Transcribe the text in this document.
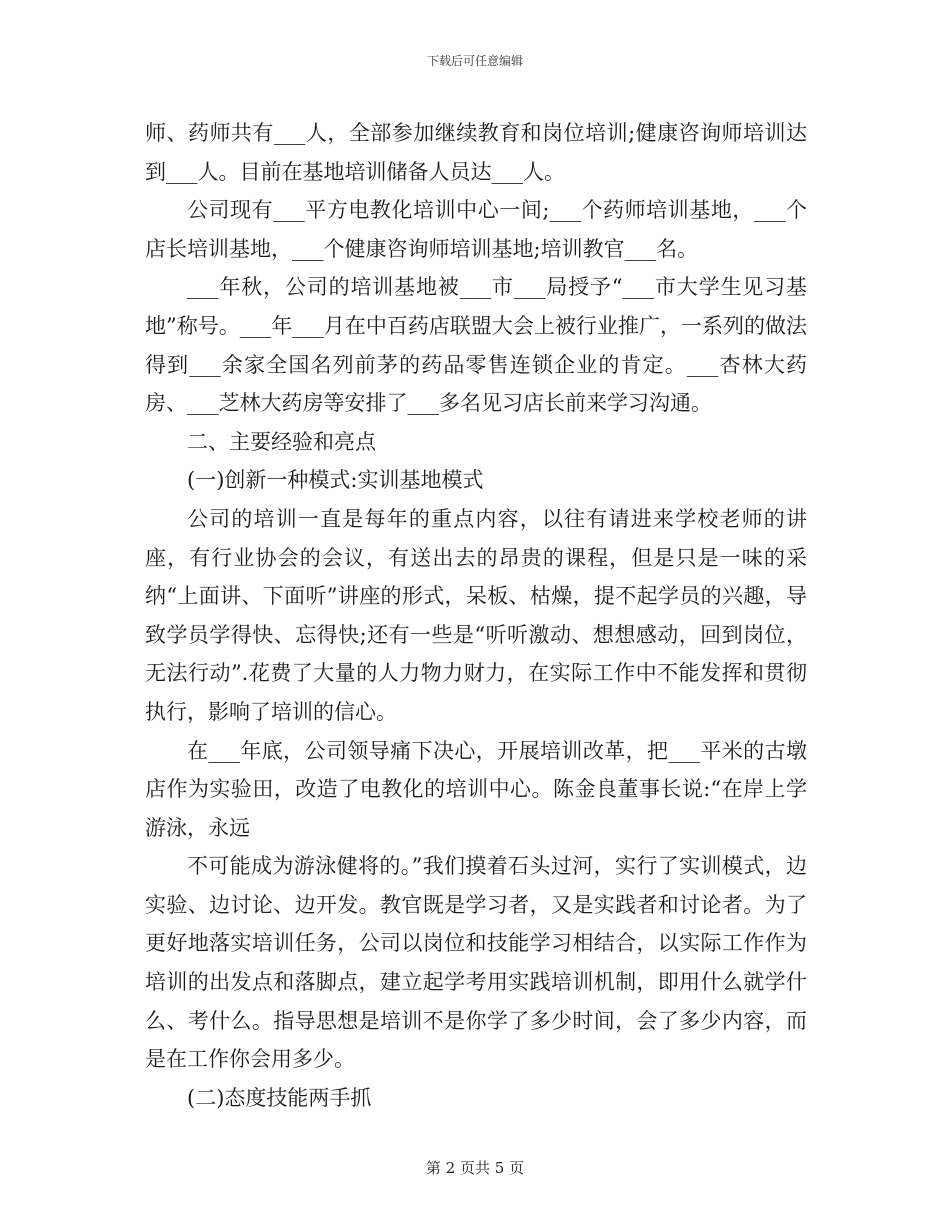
下载后可任意编辑

师、药师共有___人，全部参加继续教育和岗位培训;健康咨询师培训达到___人。目前在基地培训储备人员达___人。

公司现有___平方电教化培训中心一间;___个药师培训基地，___个店长培训基地，___个健康咨询师培训基地;培训教官___名。

___年秋，公司的培训基地被___市___局授予“___市大学生见习基地”称号。___年___月在中百药店联盟大会上被行业推广，一系列的做法得到___余家全国名列前茅的药品零售连锁企业的肯定。___杏林大药房、___芝林大药房等安排了___多名见习店长前来学习沟通。

二、主要经验和亮点

(一)创新一种模式:实训基地模式

公司的培训一直是每年的重点内容，以往有请进来学校老师的讲座，有行业协会的会议，有送出去的昂贵的课程，但是只是一味的采纳“上面讲、下面听”讲座的形式，呆板、枯燥，提不起学员的兴趣，导致学员学得快、忘得快;还有一些是“听听激动、想想感动，回到岗位，无法行动”.花费了大量的人力物力财力，在实际工作中不能发挥和贯彻执行，影响了培训的信心。

在___年底，公司领导痛下决心，开展培训改革，把___平米的古墩店作为实验田，改造了电教化的培训中心。陈金良董事长说:“在岸上学游泳，永远

不可能成为游泳健将的。”我们摸着石头过河，实行了实训模式，边实验、边讨论、边开发。教官既是学习者，又是实践者和讨论者。为了更好地落实培训任务，公司以岗位和技能学习相结合，以实际工作作为培训的出发点和落脚点，建立起学考用实践培训机制，即用什么就学什么、考什么。指导思想是培训不是你学了多少时间，会了多少内容，而是在工作你会用多少。

(二)态度技能两手抓

第 2 页共 5 页
